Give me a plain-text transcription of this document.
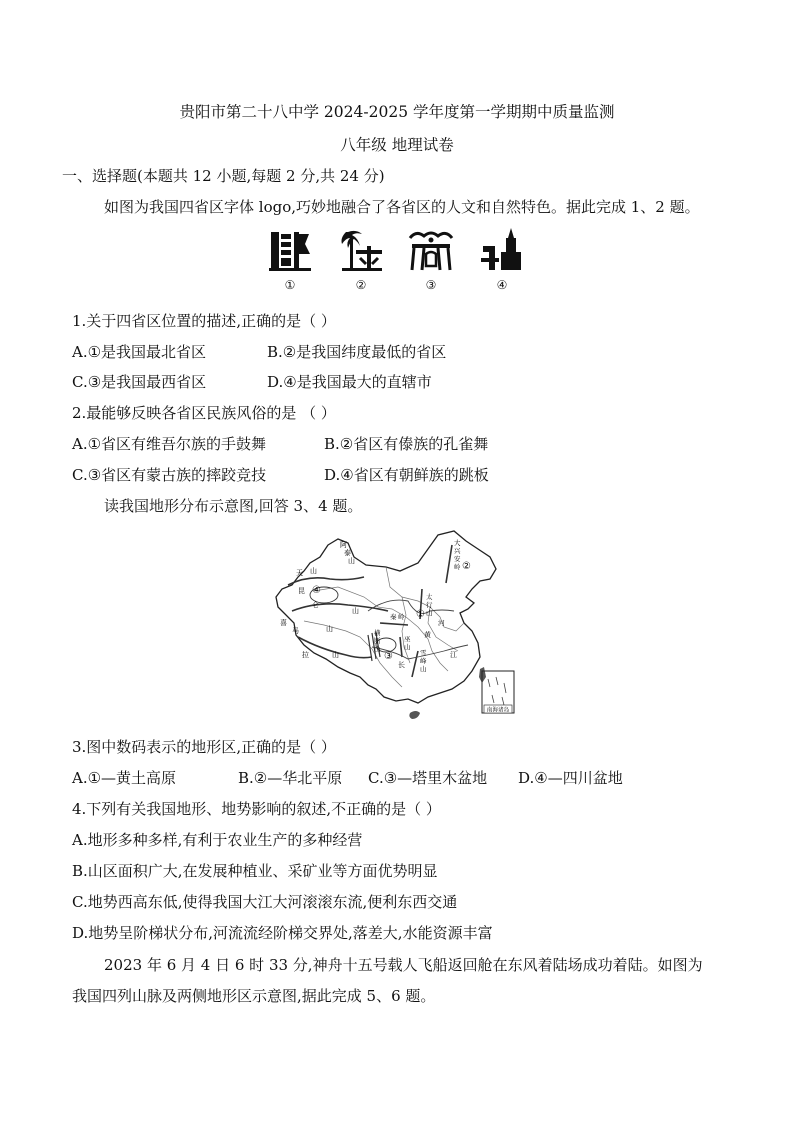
贵阳市第二十八中学 2024-2025 学年度第一学期期中质量监测
八年级 地理试卷
一、选择题(本题共 12 小题,每题 2 分,共 24 分)
如图为我国四省区字体 logo,巧妙地融合了各省区的人文和自然特色。据此完成 1、2 题。
①	②	③	④
1.关于四省区位置的描述,正确的是（ ）
A.①是我国最北省区	B.②是我国纬度最低的省区
C.③是我国最西省区	D.④是我国最大的直辖市
2.最能够反映各省区民族风俗的是 （ ）
A.①省区有维吾尔族的手鼓舞	B.②省区有傣族的孔雀舞
C.③省区有蒙古族的摔跤竞技	D.④省区有朝鲜族的跳板
读我国地形分布示意图,回答 3、4 题。
南海诸岛
阿
泰
山
天 山
大
兴
安
岭 ②
昆
仑
山
④
太
行
山
①
河
秦 岭
黄
喜
马
拉
山
山
横
断
山
③
巫
山
长
雪
峰
山
江
3.图中数码表示的地形区,正确的是（ ）
A.①—黄土高原	B.②—华北平原 C.③—塔里木盆地 D.④—四川盆地
4.下列有关我国地形、地势影响的叙述,不正确的是（ ）
A.地形多种多样,有利于农业生产的多种经营
B.山区面积广大,在发展种植业、采矿业等方面优势明显
C.地势西高东低,使得我国大江大河滚滚东流,便利东西交通
D.地势呈阶梯状分布,河流流经阶梯交界处,落差大,水能资源丰富
2023 年 6 月 4 日 6 时 33 分,神舟十五号载人飞船返回舱在东风着陆场成功着陆。如图为
我国四列山脉及两侧地形区示意图,据此完成 5、6 题。
